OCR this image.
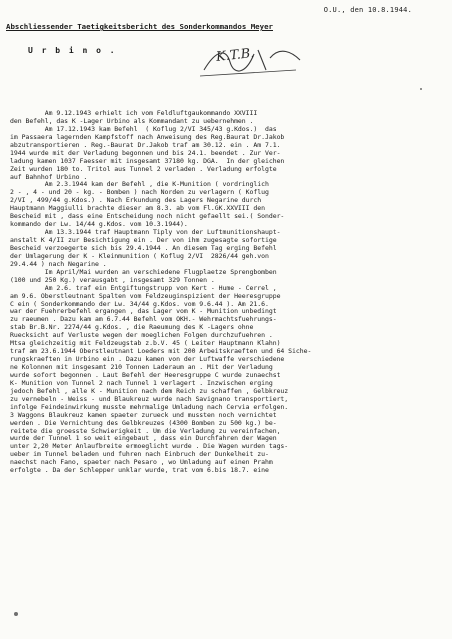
O.U., den 10.8.1944.
Abschliessender Taetigkeitsbericht des Sonderkommandos Meyer
U r b i n o .	K.T.B.
Am 9.12.1943 erhielt ich vom Feldluftgaukommando XXVIII
den Befehl, das K -Lager Urbino als Kommandant zu uebernehmen .
Am 17.12.1943 kam Befehl  ( Koflug 2/VI 345/43 g.Kdos.)  das
im Passaera lagernden Kampfstoff nach Anweisung des Reg.Baurat Dr.Jakob
abzutransportieren . Reg.-Baurat Dr.Jakob traf am 30.12. ein . Am 7.1.
1944 wurde mit der Verladung begonnen und bis 24.1. beendet . Zur Ver-
ladung kamen 1037 Faesser mit insgesamt 37180 kg. DGA.  In der gleichen
Zeit wurden 180 to. Tritol aus Tunnel 2 verladen . Verladung erfolgte
auf Bahnhof Urbino .
Am 2.3.1944 kam der Befehl , die K-Munition ( vordringlich
2 - , 4 - und 20 - kg. - Bomben ) nach Norden zu verlagern ( Koflug
2/VI , 499/44 g.Kdos.) . Nach Erkundung des Lagers Negarine durch
Hauptmann Maggiulli brachte dieser am 8.3. ab vom Fl.GK.XXVIII den
Bescheid mit , dass eine Entscheidung noch nicht gefaellt sei.( Sonder-
kommando der Lw. 14/44 g.Kdos. vom 10.3.1944).
Am 13.3.1944 traf Hauptmann Tiply von der Luftmunitionshaupt-
anstalt K 4/II zur Besichtigung ein . Der von ihm zugesagte sofortige
Bescheid verzoegerte sich bis 29.4.1944 . An diesem Tag erging Befehl
der Umlagerung der K - Kleinmunition ( Koflug 2/VI  2826/44 geh.von
29.4.44 ) nach Negarine .
Im April/Mai wurden an verschiedene Flugplaetze Sprengbomben
(100 und 250 Kg.) verausgabt , insgesamt 329 Tonnen .
Am 2.6. traf ein Entgiftungstrupp von Kert - Hume - Cerrel ,
am 9.6. Oberstleutnant Spalten vom Feldzeuginspizient der Heeresgruppe
C ein ( Sonderkommando der Lw. 34/44 g.Kdos. vom 9.6.44 ). Am 21.6.
war der Fuehrerbefehl ergangen , das Lager vom K - Munition unbedingt
zu raeumen . Dazu kam am 6.7.44 Befehl vom OKH.- Wehrmachtsfuehrungs-
stab Br.B.Nr. 2274/44 g.Kdos. , die Raeumung des K -Lagers ohne
Ruecksicht auf Verluste wegen der moeglichen Folgen durchzufuehren .
Mtsa gleichzeitig mit Feldzeugstab z.b.V. 45 ( Leiter Hauptmann Klahn)
traf am 23.6.1944 Oberstleutnant Loeders mit 200 Arbeitskraeften und 64 Siche-
rungskraeften in Urbino ein . Dazu kamen von der Luftwaffe verschiedene
ne Kolonnen mit insgesamt 210 Tonnen Laderaum an . Mit der Verladung
wurde sofort begonnen . Laut Befehl der Heeresgruppe C wurde zunaechst
K- Munition von Tunnel 2 nach Tunnel 1 verlagert . Inzwischen erging
jedoch Befehl , alle K - Munition nach dem Reich zu schaffen , Gelbkreuz
zu vernebeln - Weiss - und Blaukreuz wurde nach Savignano transportiert,
infolge Feindeinwirkung musste mehrmalige Umladung nach Cervia erfolgen.
3 Waggons Blaukreuz kamen spaeter zurueck und mussten noch vernichtet
werden . Die Vernichtung des Gelbkreuzes (4300 Bomben zu 500 kg.) be-
reitete die groesste Schwierigkeit . Um die Verladung zu vereinfachen,
wurde der Tunnel 1 so weit eingebaut , dass ein Durchfahren der Wagen
unter 2,20 Meter Anlaufbreite ermoeglicht wurde . Die Wagen wurden tags-
ueber im Tunnel beladen und fuhren nach Einbruch der Dunkelheit zu-
naechst nach Fano, spaeter nach Pesaro , wo Umladung auf einen Prahm
erfolgte . Da der Schlepper unklar wurde, trat vom 6.bis 18.7. eine
